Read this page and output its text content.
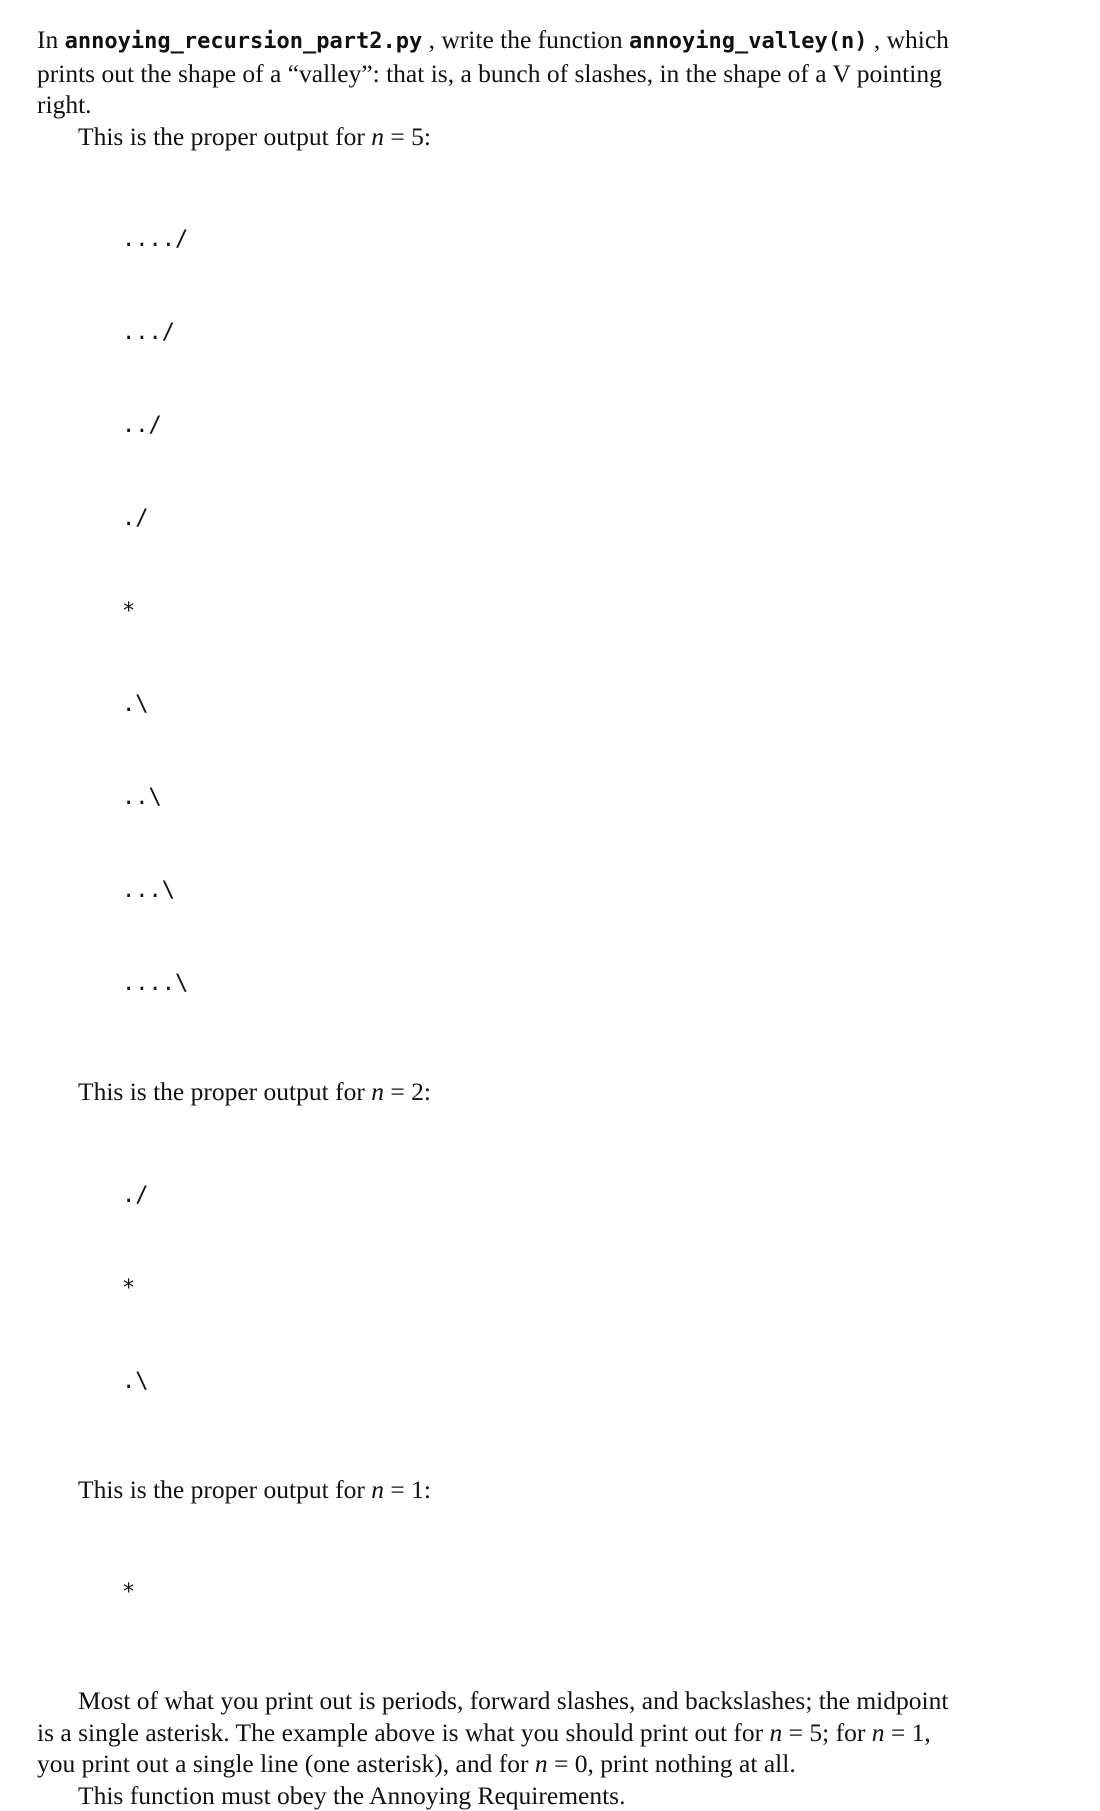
In annoying_recursion_part2.py , write the function annoying_valley(n) , which prints out the shape of a “valley”: that is, a bunch of slashes, in the shape of a V pointing right.

This is the proper output for n = 5:

..../

.../

../

./

*

.\

..\

...\

....\

This is the proper output for n = 2:

./

*

.\

This is the proper output for n = 1:

*

Most of what you print out is periods, forward slashes, and backslashes; the midpoint is a single asterisk. The example above is what you should print out for n = 5; for n = 1, you print out a single line (one asterisk), and for n = 0, print nothing at all.

This function must obey the Annoying Requirements.
